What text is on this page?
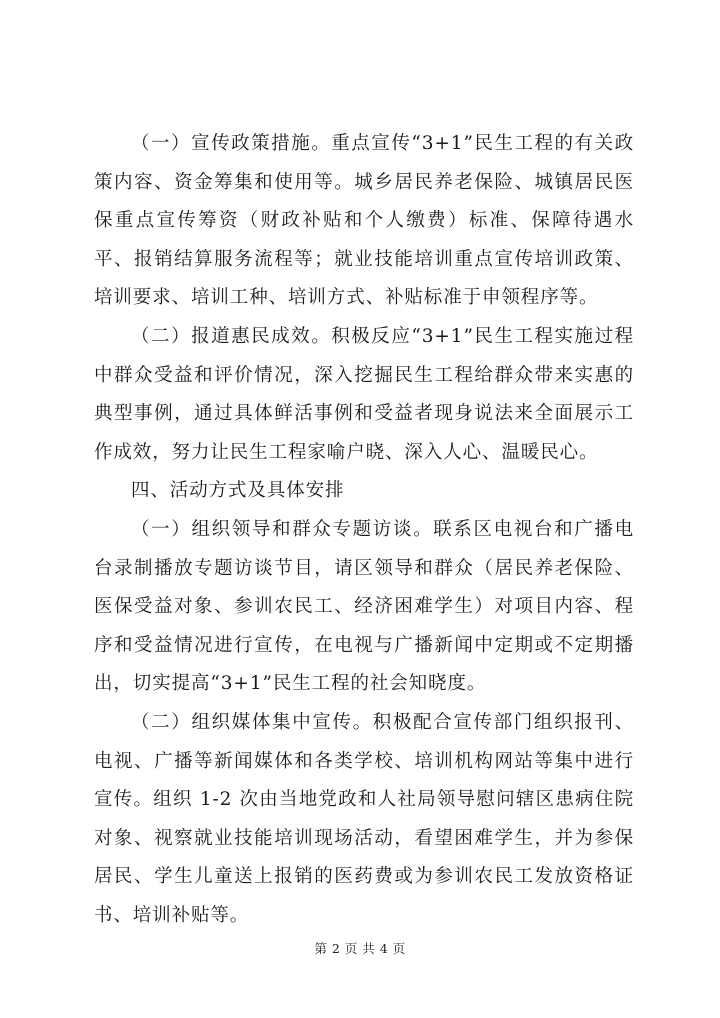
（一）宣传政策措施。重点宣传“3+1”民生工程的有关政策内容、资金筹集和使用等。城乡居民养老保险、城镇居民医保重点宣传筹资（财政补贴和个人缴费）标准、保障待遇水平、报销结算服务流程等；就业技能培训重点宣传培训政策、培训要求、培训工种、培训方式、补贴标准于申领程序等。

（二）报道惠民成效。积极反应“3+1”民生工程实施过程中群众受益和评价情况，深入挖掘民生工程给群众带来实惠的典型事例，通过具体鲜活事例和受益者现身说法来全面展示工作成效，努力让民生工程家喻户晓、深入人心、温暖民心。

四、活动方式及具体安排

（一）组织领导和群众专题访谈。联系区电视台和广播电台录制播放专题访谈节目，请区领导和群众（居民养老保险、医保受益对象、参训农民工、经济困难学生）对项目内容、程序和受益情况进行宣传，在电视与广播新闻中定期或不定期播出，切实提高“3+1”民生工程的社会知晓度。

（二）组织媒体集中宣传。积极配合宣传部门组织报刊、电视、广播等新闻媒体和各类学校、培训机构网站等集中进行宣传。组织 1-2 次由当地党政和人社局领导慰问辖区患病住院对象、视察就业技能培训现场活动，看望困难学生，并为参保居民、学生儿童送上报销的医药费或为参训农民工发放资格证书、培训补贴等。

第 2 页 共 4 页
